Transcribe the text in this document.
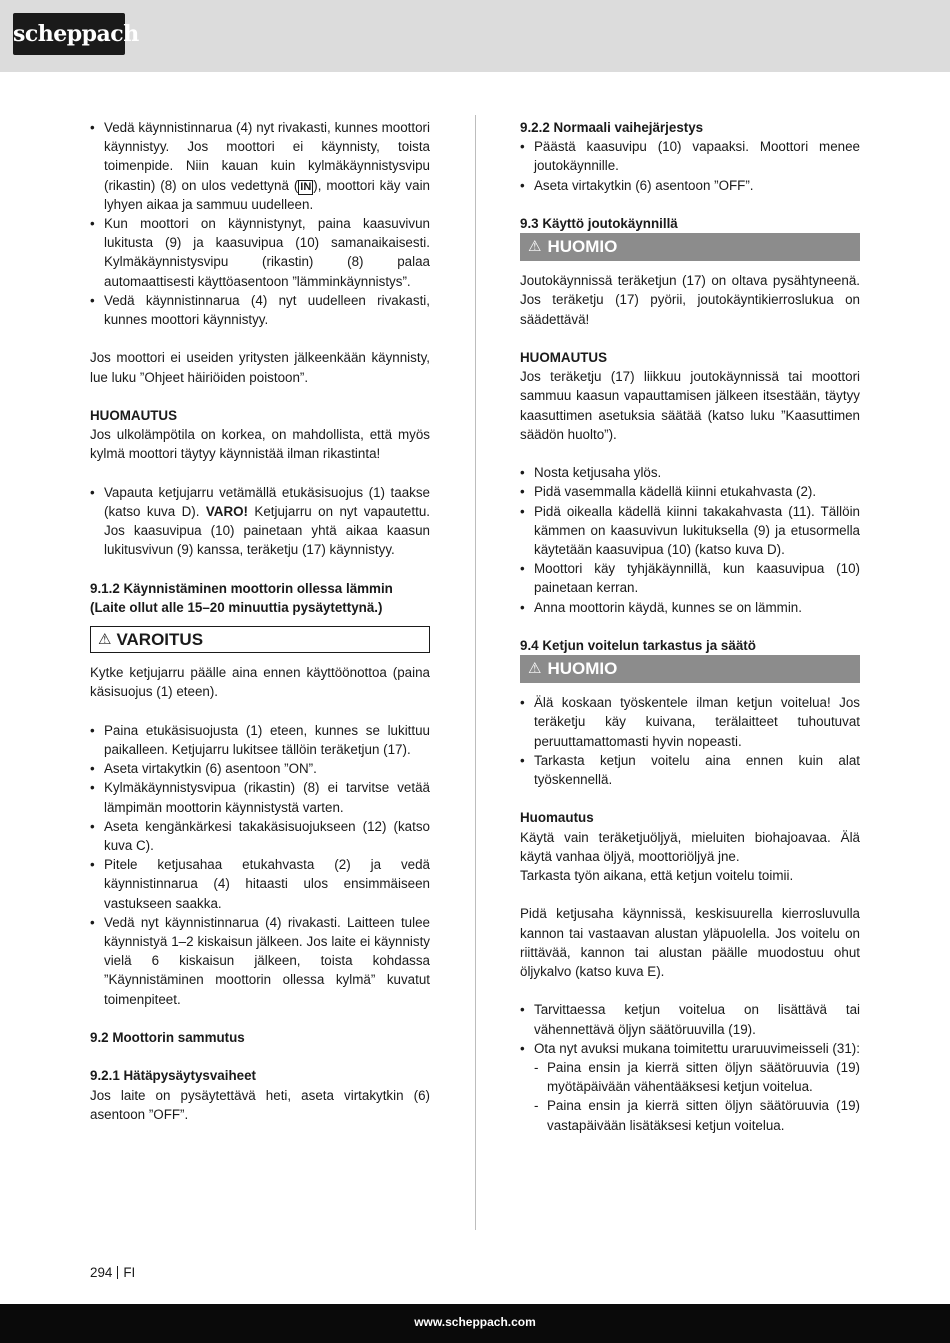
scheppach
• Vedä käynnistinnarua (4) nyt rivakasti, kunnes moottori käynnistyy. Jos moottori ei käynnisty, toista toimenpide. Niin kauan kuin kylmäkäynnistysvipu (rikastin) (8) on ulos vedettynä ( IN ), moottori käy vain lyhyen aikaa ja sammuu uudelleen.
• Kun moottori on käynnistynyt, paina kaasuvivun lukitusta (9) ja kaasuvipua (10) samanaikaisesti. Kylmäkäynnistysvipu (rikastin) (8) palaa automaattisesti käyttöasentoon ”lämminkäynnistys”.
• Vedä käynnistinnarua (4) nyt uudelleen rivakasti, kunnes moottori käynnistyy.

Jos moottori ei useiden yritysten jälkeenkään käynnisty, lue luku ”Ohjeet häiriöiden poistoon”.

HUOMAUTUS

Jos ulkolämpötila on korkea, on mahdollista, että myös kylmä moottori täytyy käynnistää ilman rikastinta!

• Vapauta ketjujarru vetämällä etukäsisuojus (1) taakse (katso kuva D). VARO! Ketjujarru on nyt vapautettu. Jos kaasuvipua (10) painetaan yhtä aikaa kaasun lukitusvivun (9) kanssa, teräketju (17) käynnistyy.

9.1.2 Käynnistäminen moottorin ollessa lämmin (Laite ollut alle 15–20 minuuttia pysäytettynä.)

⚠ VAROITUS

Kytke ketjujarru päälle aina ennen käyttöönottoa (paina käsisuojus (1) eteen).

• Paina etukäsisuojusta (1) eteen, kunnes se lukittuu paikalleen. Ketjujarru lukitsee tällöin teräketjun (17).
• Aseta virtakytkin (6) asentoon ”ON”.
• Kylmäkäynnistysvipua (rikastin) (8) ei tarvitse vetää lämpimän moottorin käynnistystä varten.
• Aseta kengänkärkesi takakäsisuojukseen (12) (katso kuva C).
• Pitele ketjusahaa etukahvasta (2) ja vedä käynnistinnarua (4) hitaasti ulos ensimmäiseen vastukseen saakka.
• Vedä nyt käynnistinnarua (4) rivakasti. Laitteen tulee käynnistyä 1–2 kiskaisun jälkeen. Jos laite ei käynnisty vielä 6 kiskaisun jälkeen, toista kohdassa ”Käynnistäminen moottorin ollessa kylmä” kuvatut toimenpiteet.

9.2 Moottorin sammutus

9.2.1 Hätäpysäytysvaiheet

Jos laite on pysäytettävä heti, aseta virtakytkin (6) asentoon ”OFF”.

9.2.2 Normaali vaihejärjestys

• Päästä kaasuvipu (10) vapaaksi. Moottori menee joutokäynnille.
• Aseta virtakytkin (6) asentoon ”OFF”.

9.3 Käyttö joutokäynnillä

⚠ HUOMIO

Joutokäynnissä teräketjun (17) on oltava pysähtyneenä. Jos teräketju (17) pyörii, joutokäyntikierroslukua on säädettävä!

HUOMAUTUS

Jos teräketju (17) liikkuu joutokäynnissä tai moottori sammuu kaasun vapauttamisen jälkeen itsestään, täytyy kaasuttimen asetuksia säätää (katso luku ”Kaasuttimen säädön huolto”).

• Nosta ketjusaha ylös.
• Pidä vasemmalla kädellä kiinni etukahvasta (2).
• Pidä oikealla kädellä kiinni takakahvasta (11). Tällöin kämmen on kaasuvivun lukituksella (9) ja etusormella käytetään kaasuvipua (10) (katso kuva D).
• Moottori käy tyhjäkäynnillä, kun kaasuvipua (10) painetaan kerran.
• Anna moottorin käydä, kunnes se on lämmin.

9.4 Ketjun voitelun tarkastus ja säätö

⚠ HUOMIO
• Älä koskaan työskentele ilman ketjun voitelua! Jos teräketju käy kuivana, terälaitteet tuhoutuvat peruuttamattomasti hyvin nopeasti.
• Tarkasta ketjun voitelu aina ennen kuin alat työskennellä.

Huomautus

Käytä vain teräketjuöljyä, mieluiten biohajoavaa. Älä käytä vanhaa öljyä, moottoriöljyä jne.

Tarkasta työn aikana, että ketjun voitelu toimii.

Pidä ketjusaha käynnissä, keskisuurella kierrosluvulla kannon tai vastaavan alustan yläpuolella. Jos voitelu on riittävää, kannon tai alustan päälle muodostuu ohut öljykalvo (katso kuva E).

• Tarvittaessa ketjun voitelua on lisättävä tai vähennettävä öljyn säätöruuvilla (19).
• Ota nyt avuksi mukana toimitettu uraruuvimeisseli (31):
- Paina ensin ja kierrä sitten öljyn säätöruuvia (19) myötäpäivään vähentääksesi ketjun voitelua.
- Paina ensin ja kierrä sitten öljyn säätöruuvia (19) vastapäivään lisätäksesi ketjun voitelua.
294 FI
www.scheppach.com
